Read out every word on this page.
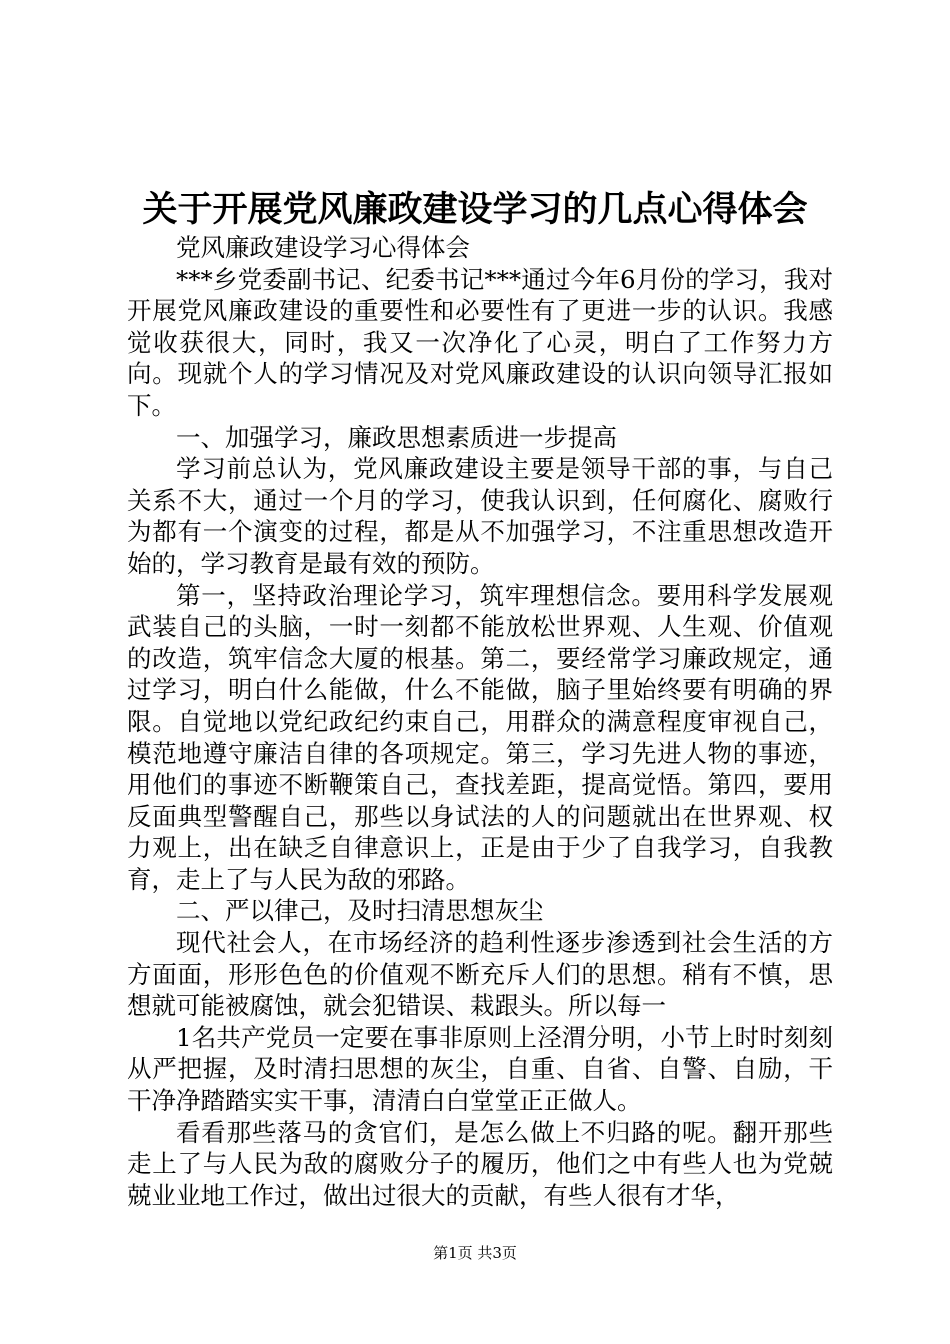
关于开展党风廉政建设学习的几点心得体会

党风廉政建设学习心得体会

***乡党委副书记、纪委书记***通过今年6月份的学习，我对开展党风廉政建设的重要性和必要性有了更进一步的认识。我感觉收获很大，同时，我又一次净化了心灵，明白了工作努力方向。现就个人的学习情况及对党风廉政建设的认识向领导汇报如下。

一、加强学习，廉政思想素质进一步提高

学习前总认为，党风廉政建设主要是领导干部的事，与自己关系不大，通过一个月的学习，使我认识到，任何腐化、腐败行为都有一个演变的过程，都是从不加强学习，不注重思想改造开始的，学习教育是最有效的预防。

第一，坚持政治理论学习，筑牢理想信念。要用科学发展观武装自己的头脑，一时一刻都不能放松世界观、人生观、价值观的改造，筑牢信念大厦的根基。第二，要经常学习廉政规定，通过学习，明白什么能做，什么不能做，脑子里始终要有明确的界限。自觉地以党纪政纪约束自己，用群众的满意程度审视自己，模范地遵守廉洁自律的各项规定。第三，学习先进人物的事迹，用他们的事迹不断鞭策自己，查找差距，提高觉悟。第四，要用反面典型警醒自己，那些以身试法的人的问题就出在世界观、权力观上，出在缺乏自律意识上，正是由于少了自我学习，自我教育，走上了与人民为敌的邪路。

二、严以律己，及时扫清思想灰尘

现代社会人，在市场经济的趋利性逐步渗透到社会生活的方方面面，形形色色的价值观不断充斥人们的思想。稍有不慎，思想就可能被腐蚀，就会犯错误、栽跟头。所以每一

1名共产党员一定要在事非原则上泾渭分明，小节上时时刻刻从严把握，及时清扫思想的灰尘，自重、自省、自警、自励，干干净净踏踏实实干事，清清白白堂堂正正做人。

看看那些落马的贪官们，是怎么做上不归路的呢。翻开那些走上了与人民为敌的腐败分子的履历，他们之中有些人也为党兢兢业业地工作过，做出过很大的贡献，有些人很有才华，

第1页 共3页
